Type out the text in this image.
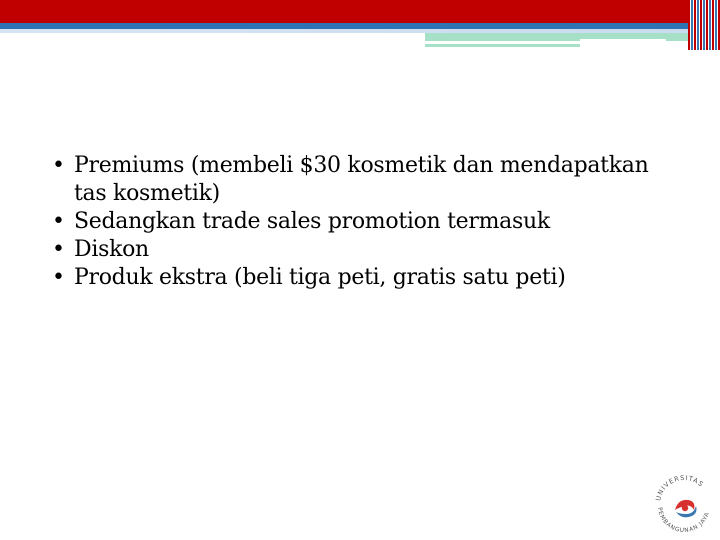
• Premiums (membeli $30 kosmetik dan mendapatkan tas kosmetik)
• Sedangkan trade sales promotion termasuk
• Diskon
• Produk ekstra (beli tiga peti, gratis satu peti)
UNIVERSITAS
PEMBANGUNAN JAYA
